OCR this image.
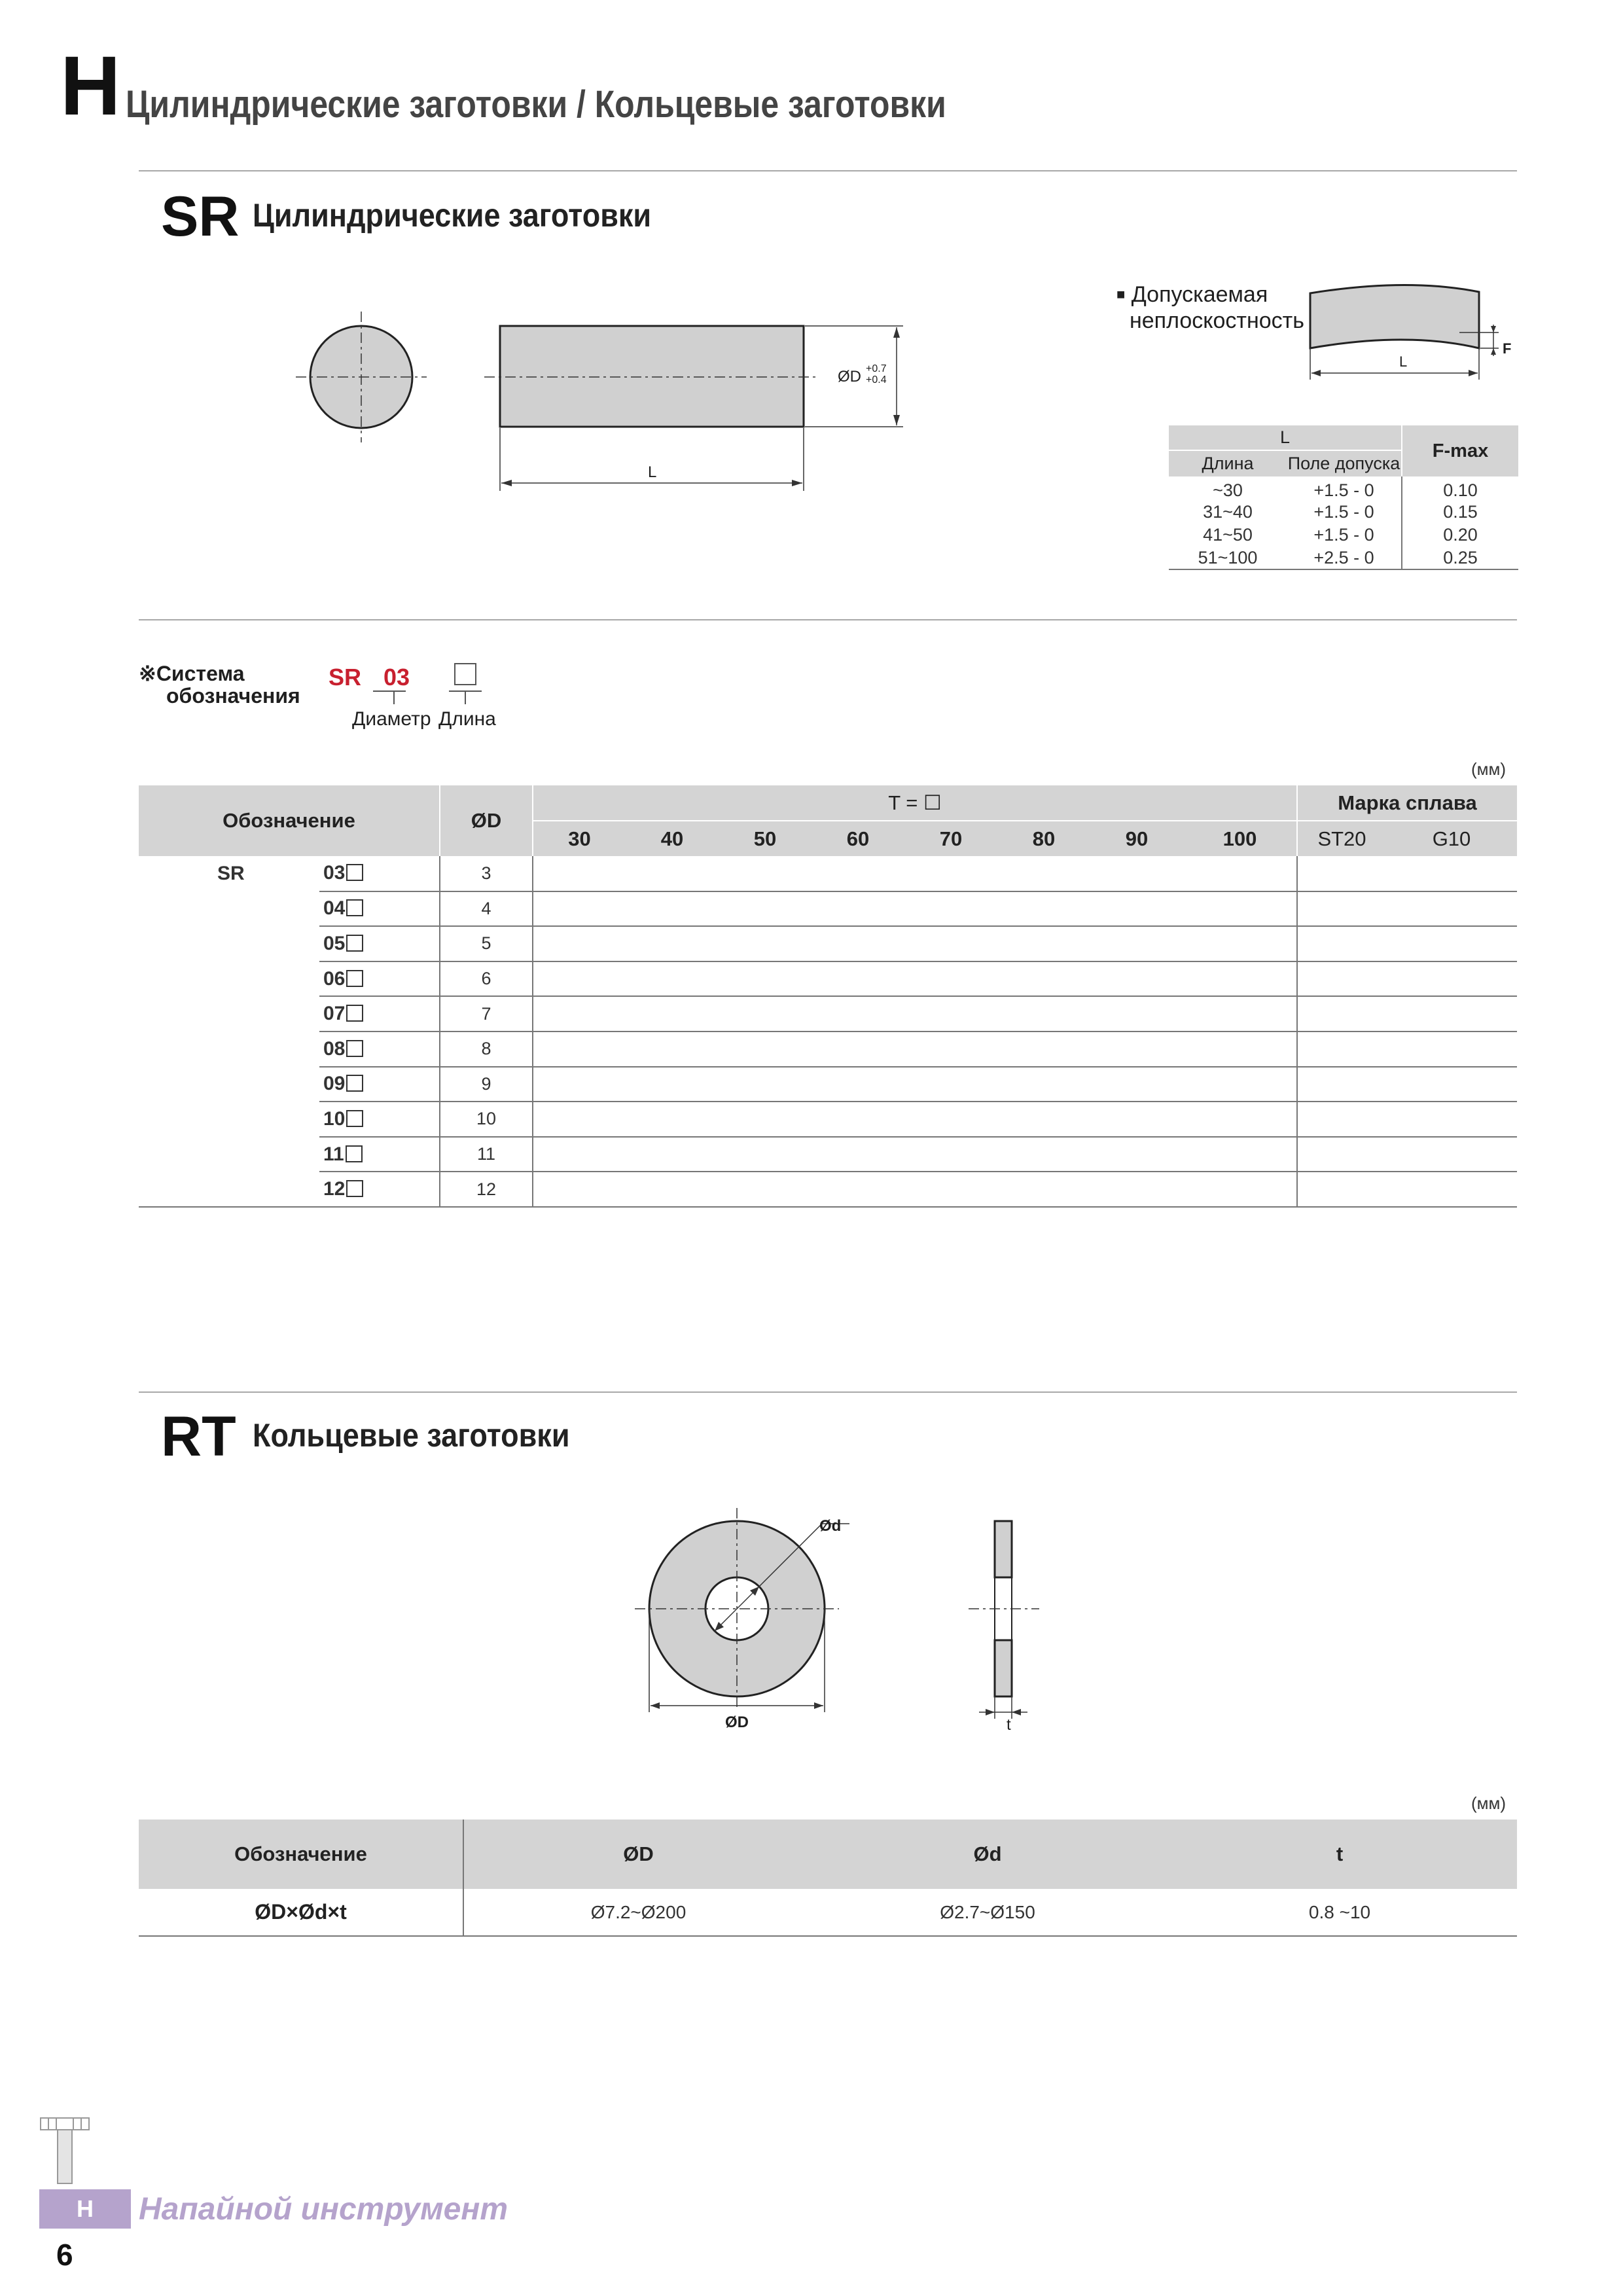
H Цилиндрические заготовки / Кольцевые заготовки
SR Цилиндрические заготовки
ØD +0.7
+0.4
L
■ Допускаемая
неплоскостность
L
F
L		F-max
Длина	Поле допуска	
~30	+1.5 - 0	0.10
31~40	+1.5 - 0	0.15
41~50	+1.5 - 0	0.20
51~100	+2.5 - 0	0.25
※Система
обозначения
SR 03
Диаметр Длина
(мм)
Обозначение		ØD	T = ☐								Марка сплава	
			30	40	50	60	70	80	90	100	ST20	G10
SR	03	3										
	04	4										
	05	5										
	06	6										
	07	7										
	08	8										
	09	9										
	10	10										
	11	11										
	12	12										
RT Кольцевые заготовки
Ød
ØD	t
(мм)
Обозначение	ØD	Ød	t
ØD×Ød×t	Ø7.2~Ø200	Ø2.7~Ø150	0.8 ~10
H	Напайной инструмент
6
